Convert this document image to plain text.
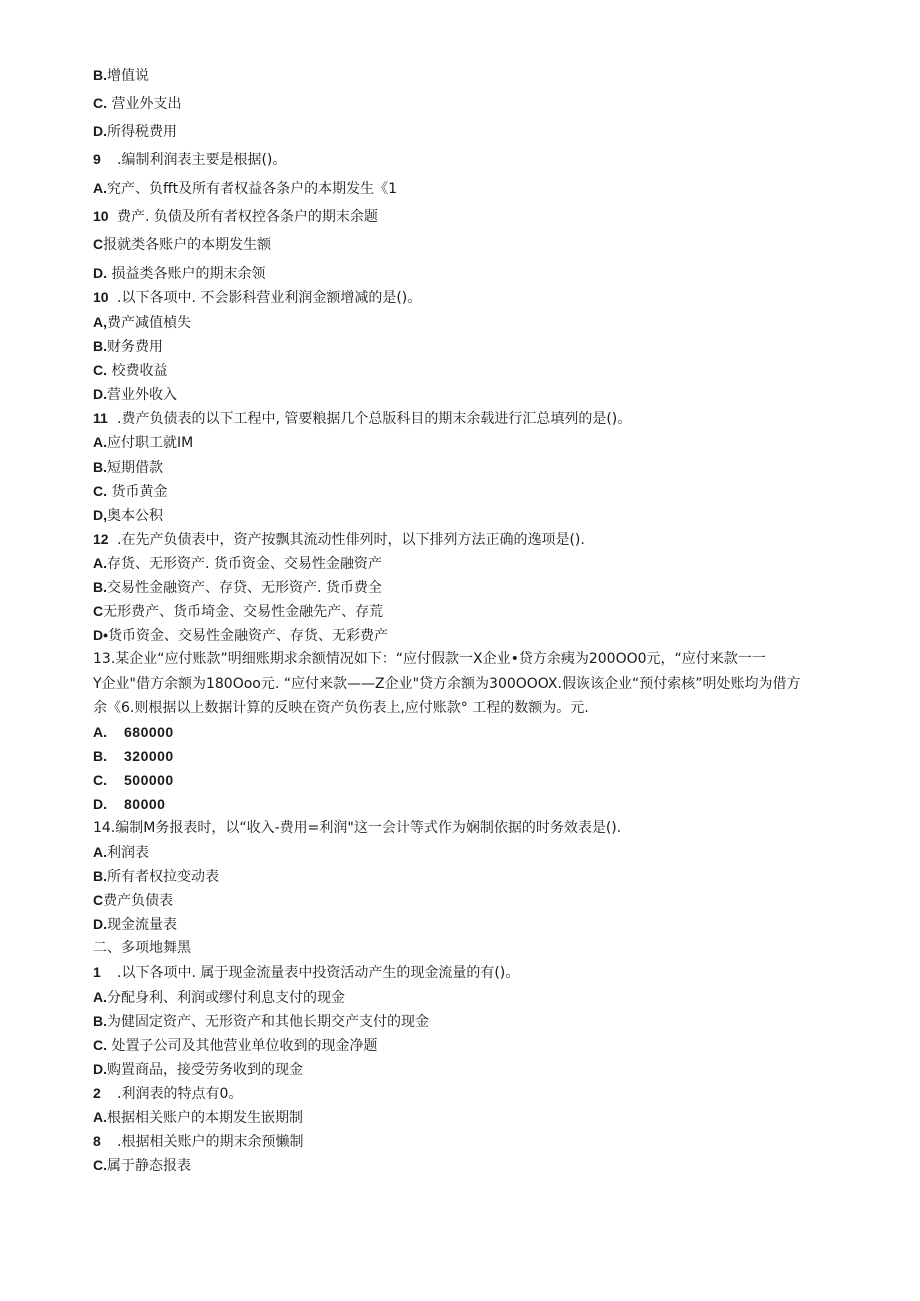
B.增值说
C. 营业外支出
D.所得税费用
9 .编制利润表主要是根据()。
A.究产、负fft及所有者权益各条户的本期发生《1
10 费产. 负债及所有者权控各条户的期末余题
C报就类各账户的本期发生额
D. 损益类各账户的期末余领
10 .以下各项中. 不会影科营业利润金额增减的是()。
A,费产减值楨失
B.财务费用
C. 校费收益
D.营业外收入
11 .费产负债表的以下工程中, 管要粮据几个总版科目的期末余载进行汇总填列的是()。
A.应付职工就IM
B.短期借款
C. 货币黄金
D,奥本公积
12 .在先产负债表中，资产按飘其流动性俳列时，以下排列方法正确的逸项是().
A.存货、无形资产. 货币资金、交易性金融资产
B.交易性金融资产、存贷、无形资产. 货币费全
C无形费产、货币埼金、交易性金融先产、存荒
D•货币资金、交易性金融资产、存货、无彩费产
13.某企业“应付账款”明细账期求余额情况如下：“应付假款一X企业•贷方余痍为200OO0元，“应付来款一一
Y企业"借方余额为180Ooo元. “应付来款——Z企业"贷方余额为300OOOX.假诙该企业“预付索核”明处账均为借方
余《6.则根据以上数据计算的反映在资产负伤表上,应付账款° 工程的数额为。元.
A. 680000
B. 320000
C. 500000
D. 80000
14.编制M务报表时，以“收入-费用=利润"这一会计等式作为娴制依据的时务效表是().
A.利润表
B.所有者权拉变动表
C费产负债表
D.现金流量表
二、多项地舞黑
1 .以下各项中. 属于现金流量表中投资活动产生的现金流量的有()。
A.分配身利、利润或缪付利息支付的现金
B.为健固定资产、无形资产和其他长期交产支付的现金
C. 处置子公司及其他营业单位收到的现金净题
D.购置商品，接受劳务收到的现金
2 .利润表的特点有0。
A.根据相关账户的本期发生嵌期制
8 .根据相关账户的期末余预懒制
C.属于静态报表
